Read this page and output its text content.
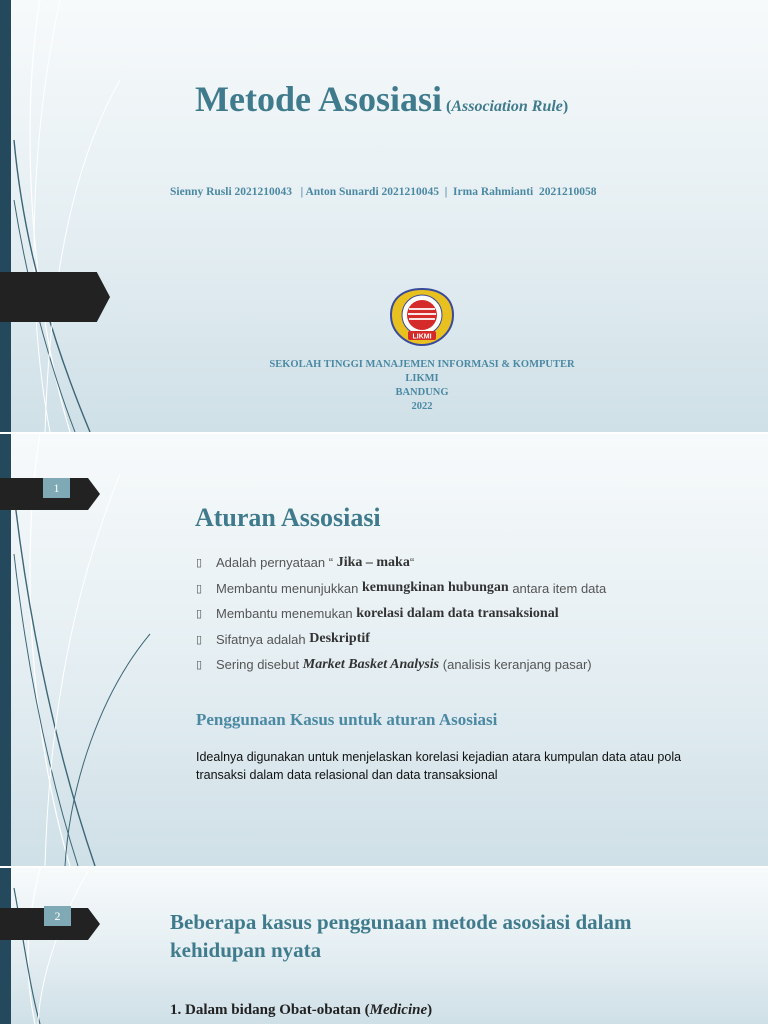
Metode Asosiasi (Association Rule)
Sienny Rusli 2021210043   | Anton Sunardi 2021210045  |  Irma Rahmianti  2021210058
LIKMI
SEKOLAH TINGGI MANAJEMEN INFORMASI & KOMPUTER
LIKMI
BANDUNG
2022
1
Aturan Assosiasi
▯	Adalah pernyataan “
Jika – maka “
▯	Membantu menunjukkan
kemungkinan hubungan
antara item data
▯	Membantu menemukan
korelasi dalam data transaksional
▯	Sifatnya adalah
Deskriptif
▯	Sering disebut
Market Basket Analysis
(analisis keranjang pasar)
Penggunaan Kasus untuk aturan Asosiasi
Idealnya digunakan untuk menjelaskan korelasi kejadian atara kumpulan data atau pola transaksi dalam data relasional dan data transaksional
2	Beberapa kasus penggunaan metode asosiasi dalam kehidupan nyata
1. Dalam bidang Obat-obatan (Medicine)
